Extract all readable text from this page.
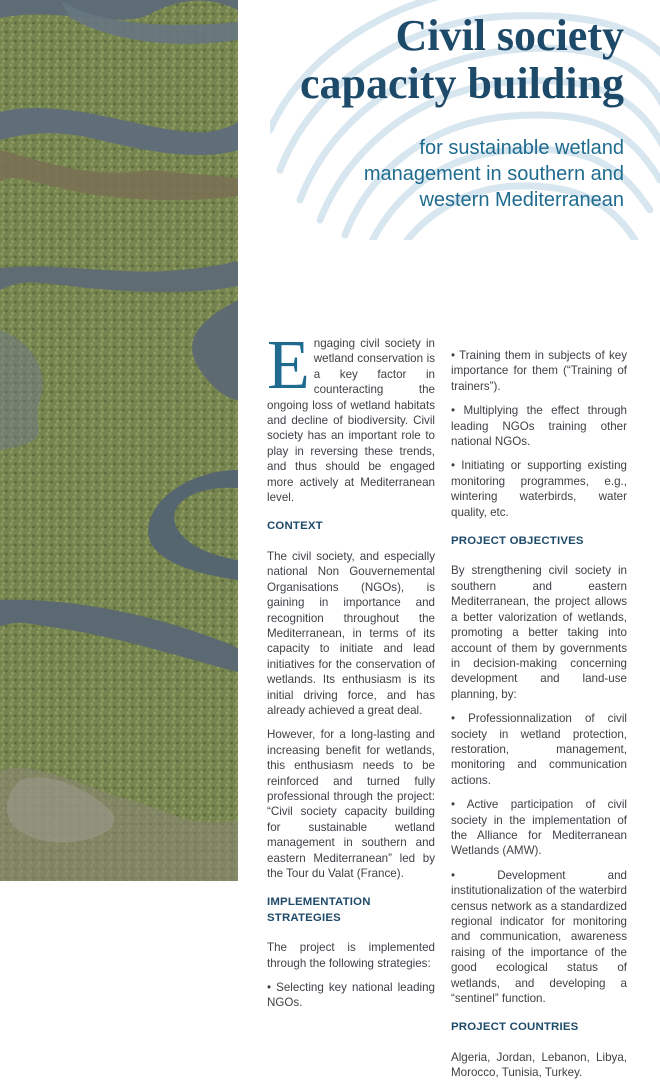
Civil society
capacity building

for sustainable wetland
management in southern and
western Mediterranean

Engaging civil society in wetland conservation is a key factor in counteracting the ongoing loss of wetland habitats and decline of biodiversity. Civil society has an important role to play in reversing these trends, and thus should be engaged more actively at Mediterranean level.

CONTEXT

The civil society, and especially national Non Gouvernemental Organisations (NGOs), is gaining in importance and recognition throughout the Mediterranean, in terms of its capacity to initiate and lead initiatives for the conservation of wetlands. Its enthusiasm is its initial driving force, and has already achieved a great deal.

However, for a long-lasting and increasing benefit for wetlands, this enthusiasm needs to be reinforced and turned fully professional through the project: “Civil society capacity building for sustainable wetland management in southern and eastern Mediterranean” led by the Tour du Valat (France).

IMPLEMENTATION STRATEGIES

The project is implemented through the following strategies:

• Selecting key national leading NGOs.

• Training them in subjects of key importance for them (“Training of trainers”).

• Multiplying the effect through leading NGOs training other national NGOs.

• Initiating or supporting existing monitoring programmes, e.g., wintering waterbirds, water quality, etc.

PROJECT OBJECTIVES

By strengthening civil society in southern and eastern Mediterranean, the project allows a better valorization of wetlands, promoting a better taking into account of them by governments in decision-making concerning development and land-use planning, by:

• Professionnalization of civil society in wetland protection, restoration, management, monitoring and communication actions.

• Active participation of civil society in the implementation of the Alliance for Mediterranean Wetlands (AMW).

• Development and institutionalization of the waterbird census network as a standardized regional indicator for monitoring and communication, awareness raising of the importance of the good ecological status of wetlands, and developing a “sentinel” function.

PROJECT COUNTRIES

Algeria, Jordan, Lebanon, Libya, Morocco, Tunisia, Turkey.
